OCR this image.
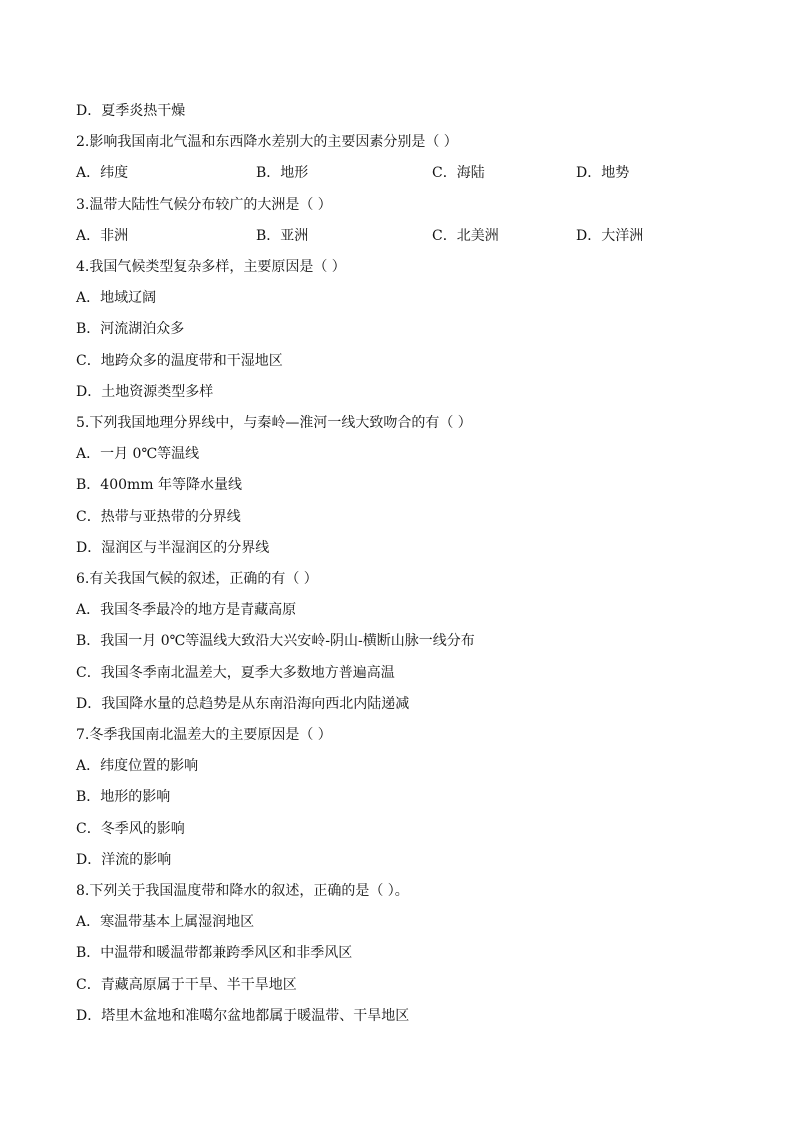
D．夏季炎热干燥
2.影响我国南北气温和东西降水差别大的主要因素分别是（ ）
A．纬度	B．地形	C．海陆	D．地势
3.温带大陆性气候分布较广的大洲是（ ）
A．非洲	B．亚洲	C．北美洲	D．大洋洲
4.我国气候类型复杂多样，主要原因是（ ）
A．地域辽阔
B．河流湖泊众多
C．地跨众多的温度带和干湿地区
D．土地资源类型多样
5.下列我国地理分界线中，与秦岭—淮河一线大致吻合的有（ ）
A．一月 0℃等温线
B．400mm 年等降水量线
C．热带与亚热带的分界线
D．湿润区与半湿润区的分界线
6.有关我国气候的叙述，正确的有（ ）
A．我国冬季最冷的地方是青藏高原
B．我国一月 0℃等温线大致沿大兴安岭-阴山-横断山脉一线分布
C．我国冬季南北温差大，夏季大多数地方普遍高温
D．我国降水量的总趋势是从东南沿海向西北内陆递减
7.冬季我国南北温差大的主要原因是（ ）
A．纬度位置的影响
B．地形的影响
C．冬季风的影响
D．洋流的影响
8.下列关于我国温度带和降水的叙述，正确的是（ ）。
A．寒温带基本上属湿润地区
B．中温带和暖温带都兼跨季风区和非季风区
C．青藏高原属于干旱、半干旱地区
D．塔里木盆地和准噶尔盆地都属于暖温带、干旱地区
